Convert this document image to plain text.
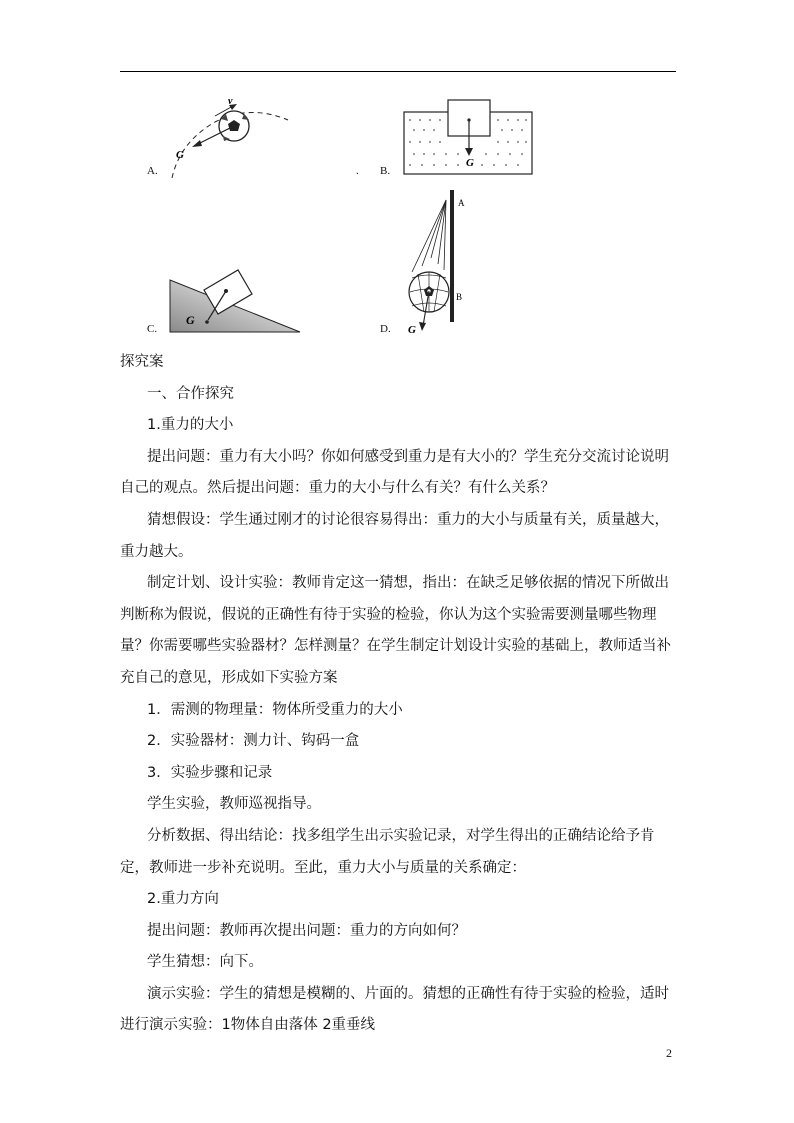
v
G
A.	.
G
B.
G
C.
A
B
G
D.

探究案

一、合作探究

1.重力的大小

提出问题：重力有大小吗？你如何感受到重力是有大小的？学生充分交流讨论说明自己的观点。然后提出问题：重力的大小与什么有关？有什么关系？

猜想假设：学生通过刚才的讨论很容易得出：重力的大小与质量有关，质量越大，重力越大。

制定计划、设计实验：教师肯定这一猜想，指出：在缺乏足够依据的情况下所做出判断称为假说，假说的正确性有待于实验的检验，你认为这个实验需要测量哪些物理量？你需要哪些实验器材？怎样测量？在学生制定计划设计实验的基础上，教师适当补充自己的意见，形成如下实验方案

1．需测的物理量：物体所受重力的大小

2．实验器材：测力计、钩码一盒

3．实验步骤和记录

学生实验，教师巡视指导。

分析数据、得出结论：找多组学生出示实验记录，对学生得出的正确结论给予肯定，教师进一步补充说明。至此，重力大小与质量的关系确定：

2.重力方向

提出问题：教师再次提出问题：重力的方向如何？

学生猜想：向下。

演示实验：学生的猜想是模糊的、片面的。猜想的正确性有待于实验的检验，适时进行演示实验：1物体自由落体 2重垂线

2
